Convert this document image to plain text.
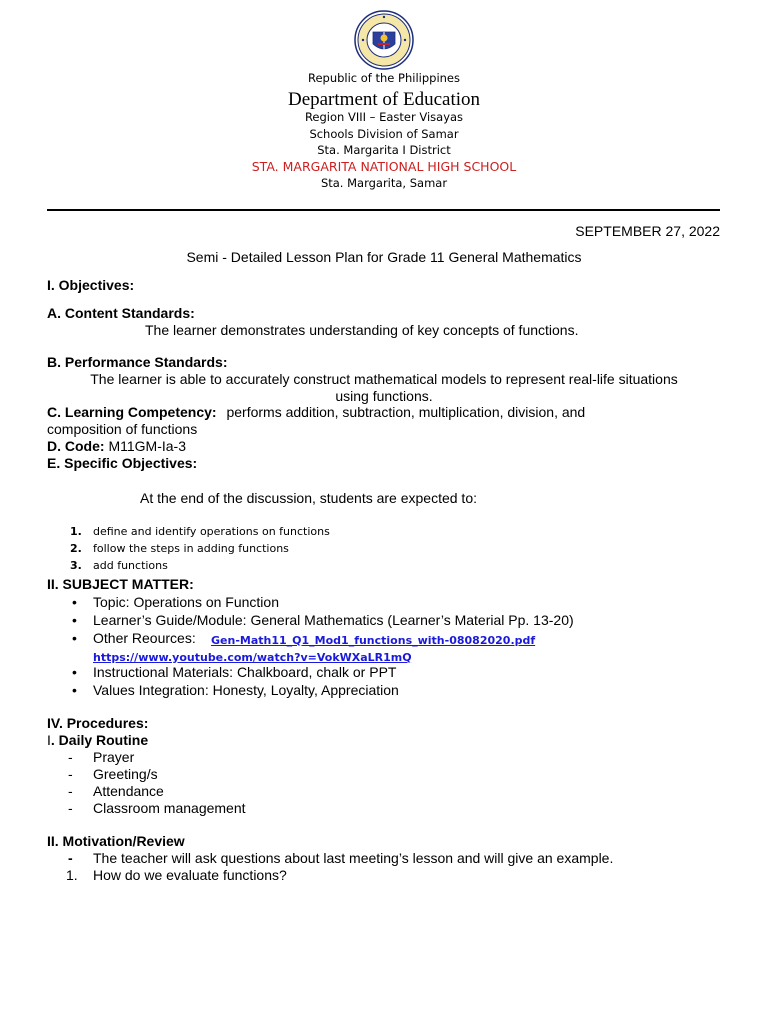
Republic of the Philippines
Department of Education
Region VIII – Easter Visayas
Schools Division of Samar
Sta. Margarita I District
STA. MARGARITA NATIONAL HIGH SCHOOL
Sta. Margarita, Samar
SEPTEMBER 27, 2022
Semi - Detailed Lesson Plan for Grade 11 General Mathematics
I. Objectives:
A. Content Standards:
The learner demonstrates understanding of key concepts of functions.
B. Performance Standards:
The learner is able to accurately construct mathematical models to represent real-life situations
using functions.
C. Learning Competency: performs addition, subtraction, multiplication, division, and
composition of functions
D. Code: M11GM-Ia-3
E. Specific Objectives:
At the end of the discussion, students are expected to:
1. define and identify operations on functions
2. follow the steps in adding functions
3. add functions
II. SUBJECT MATTER:
• Topic: Operations on Function
• Learner’s Guide/Module: General Mathematics (Learner’s Material Pp. 13-20)
• Other Reources: Gen-Math11_Q1_Mod1_functions_with-08082020.pdf
https://www.youtube.com/watch?v=VokWXaLR1mQ
• Instructional Materials: Chalkboard, chalk or PPT
• Values Integration: Honesty, Loyalty, Appreciation
IV. Procedures:
I. Daily Routine
- Prayer
- Greeting/s
- Attendance
- Classroom management
II. Motivation/Review
- The teacher will ask questions about last meeting’s lesson and will give an example.
1. How do we evaluate functions?
